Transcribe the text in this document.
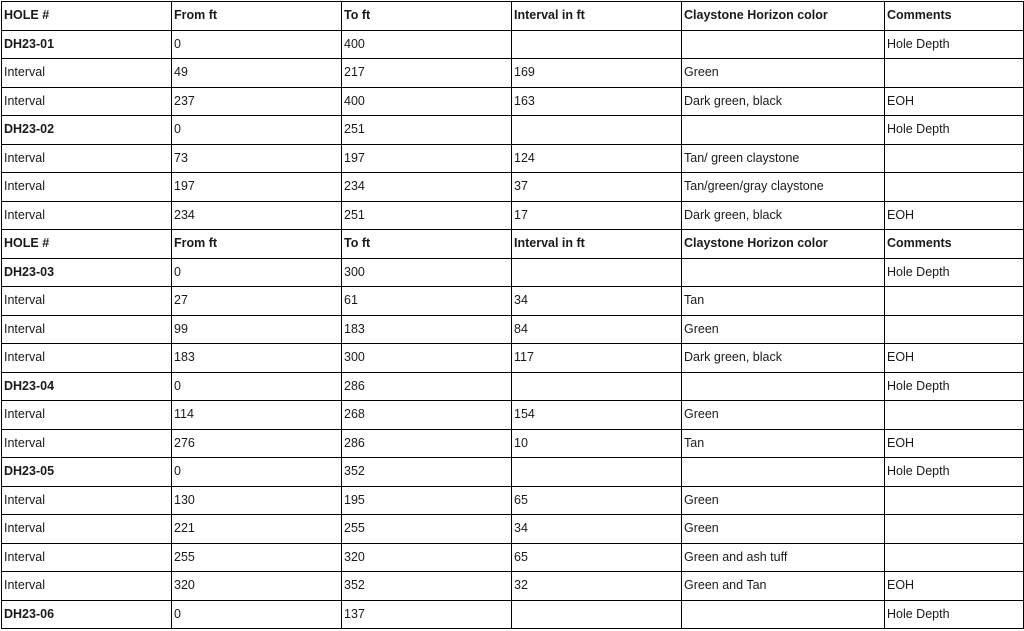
HOLE #	From ft	To ft	Interval in ft	Claystone Horizon color	Comments
DH23-01	0	400			Hole Depth
Interval	49	217	169	Green	
Interval	237	400	163	Dark green, black	EOH
DH23-02	0	251			Hole Depth
Interval	73	197	124	Tan/ green claystone	
Interval	197	234	37	Tan/green/gray claystone	
Interval	234	251	17	Dark green, black	EOH
HOLE #	From ft	To ft	Interval in ft	Claystone Horizon color	Comments
DH23-03	0	300			Hole Depth
Interval	27	61	34	Tan	
Interval	99	183	84	Green	
Interval	183	300	117	Dark green, black	EOH
DH23-04	0	286			Hole Depth
Interval	114	268	154	Green	
Interval	276	286	10	Tan	EOH
DH23-05	0	352			Hole Depth
Interval	130	195	65	Green	
Interval	221	255	34	Green	
Interval	255	320	65	Green and ash tuff	
Interval	320	352	32	Green and Tan	EOH
DH23-06	0	137			Hole Depth
